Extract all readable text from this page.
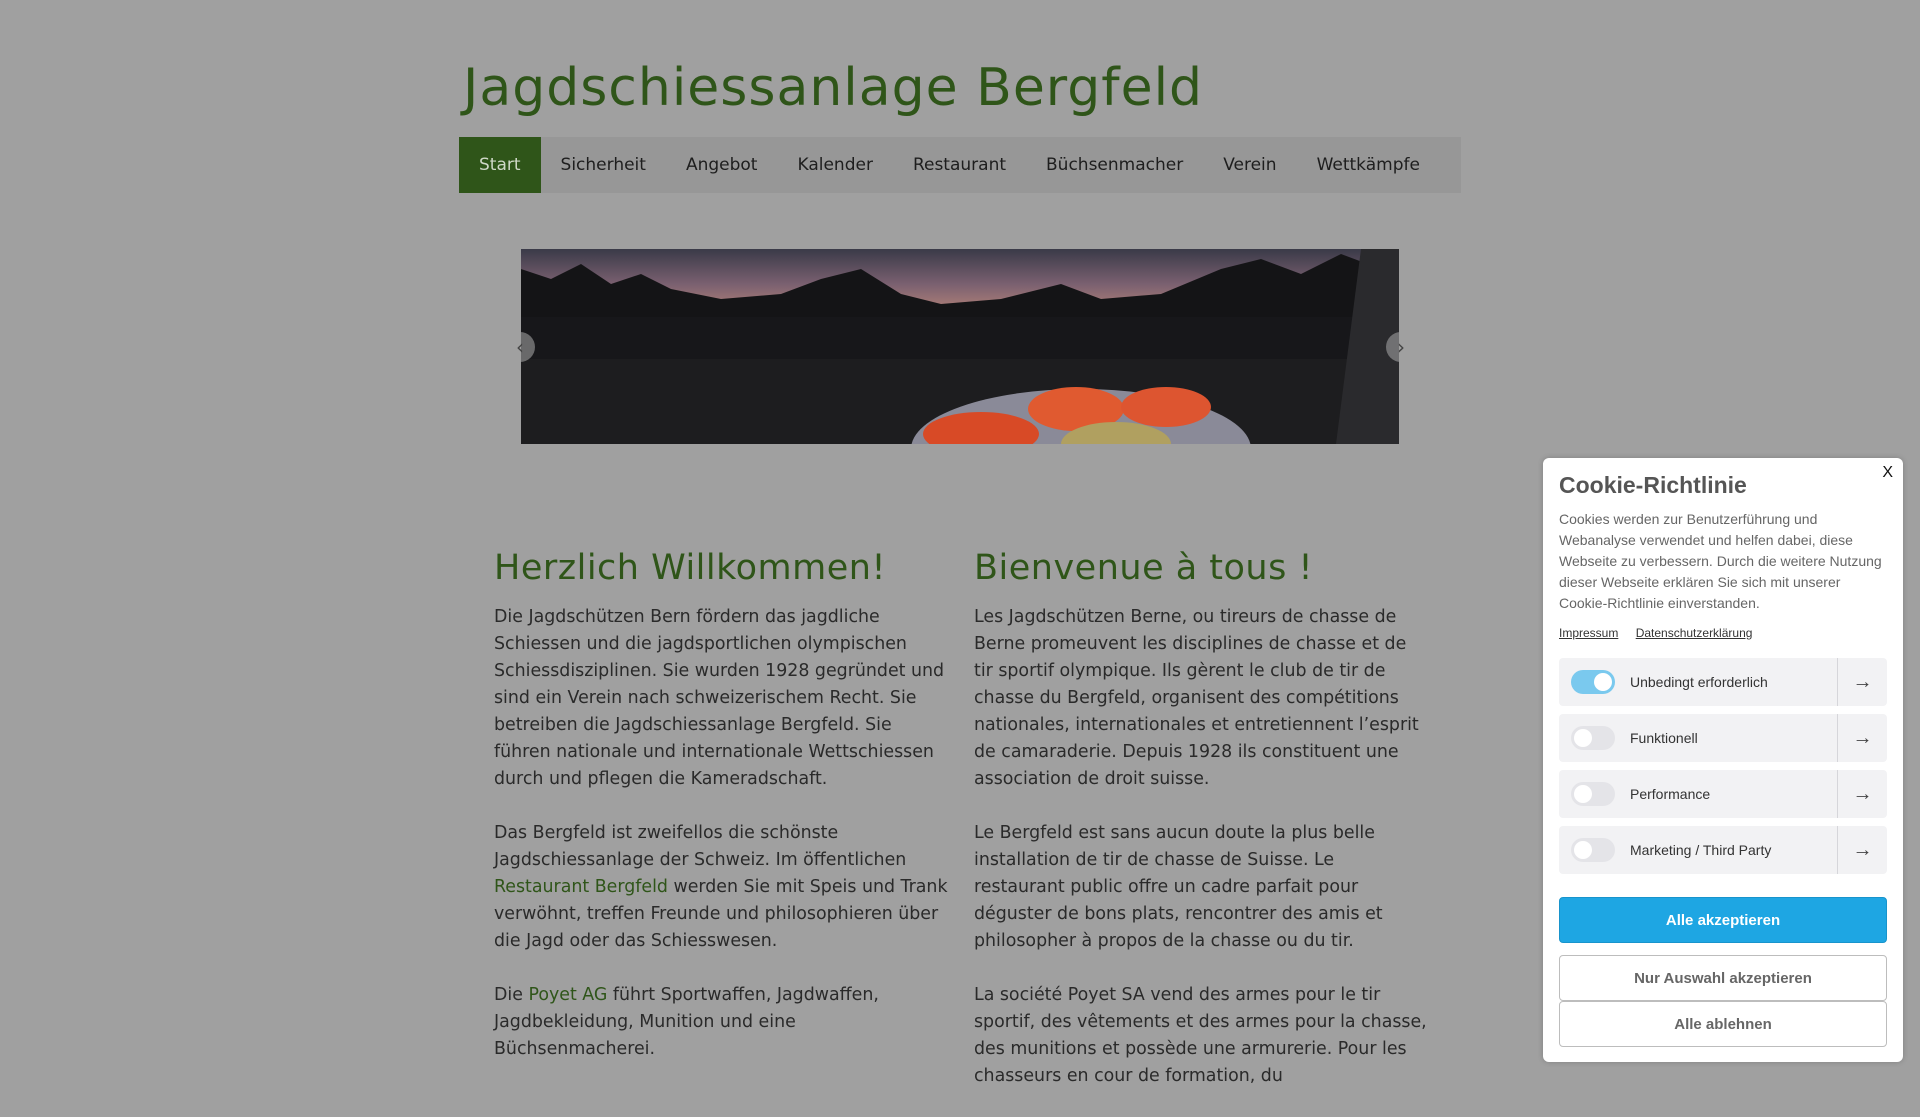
Jagdschiessanlage Bergfeld
Start	Sicherheit	Angebot	Kalender	Restaurant	Büchsenmacher	Verein	Wettkämpfe
‹	›
Herzlich Willkommen!

Die Jagdschützen Bern fördern das jagdliche Schiessen und die jagdsportlichen olympischen Schiessdisziplinen. Sie wurden 1928 gegründet und sind ein Verein nach schweizerischem Recht. Sie betreiben die Jagdschiessanlage Bergfeld. Sie führen nationale und internationale Wettschiessen durch und pflegen die Kameradschaft.

Das Bergfeld ist zweifellos die schönste Jagdschiessanlage der Schweiz. Im öffentlichen Restaurant Bergfeld werden Sie mit Speis und Trank verwöhnt, treffen Freunde und philosophieren über die Jagd oder das Schiesswesen.

Die Poyet AG führt Sportwaffen, Jagdwaffen, Jagdbekleidung, Munition und eine Büchsenmacherei.

Bienvenue à tous !

Les Jagdschützen Berne, ou tireurs de chasse de Berne promeuvent les disciplines de chasse et de tir sportif olympique. Ils gèrent le club de tir de chasse du Bergfeld, organisent des compétitions nationales, internationales et entretiennent l’esprit de camaraderie. Depuis 1928 ils constituent une association de droit suisse.

Le Bergfeld est sans aucun doute la plus belle installation de tir de chasse de Suisse. Le restaurant public offre un cadre parfait pour déguster de bons plats, rencontrer des amis et philosopher à propos de la chasse ou du tir.

La société Poyet SA vend des armes pour le tir sportif, des vêtements et des armes pour la chasse, des munitions et possède une armurerie. Pour les chasseurs en cour de formation, du

X
Cookie-Richtlinie

Cookies werden zur Benutzerführung und Webanalyse verwendet und helfen dabei, diese Webseite zu verbessern. Durch die weitere Nutzung dieser Webseite erklären Sie sich mit unserer Cookie-Richtlinie einverstanden.

Impressum Datenschutzerklärung
Unbedingt erforderlich	→
Funktionell	→
Performance	→
Marketing / Third Party	→
Alle akzeptieren
Nur Auswahl akzeptieren
Alle ablehnen
